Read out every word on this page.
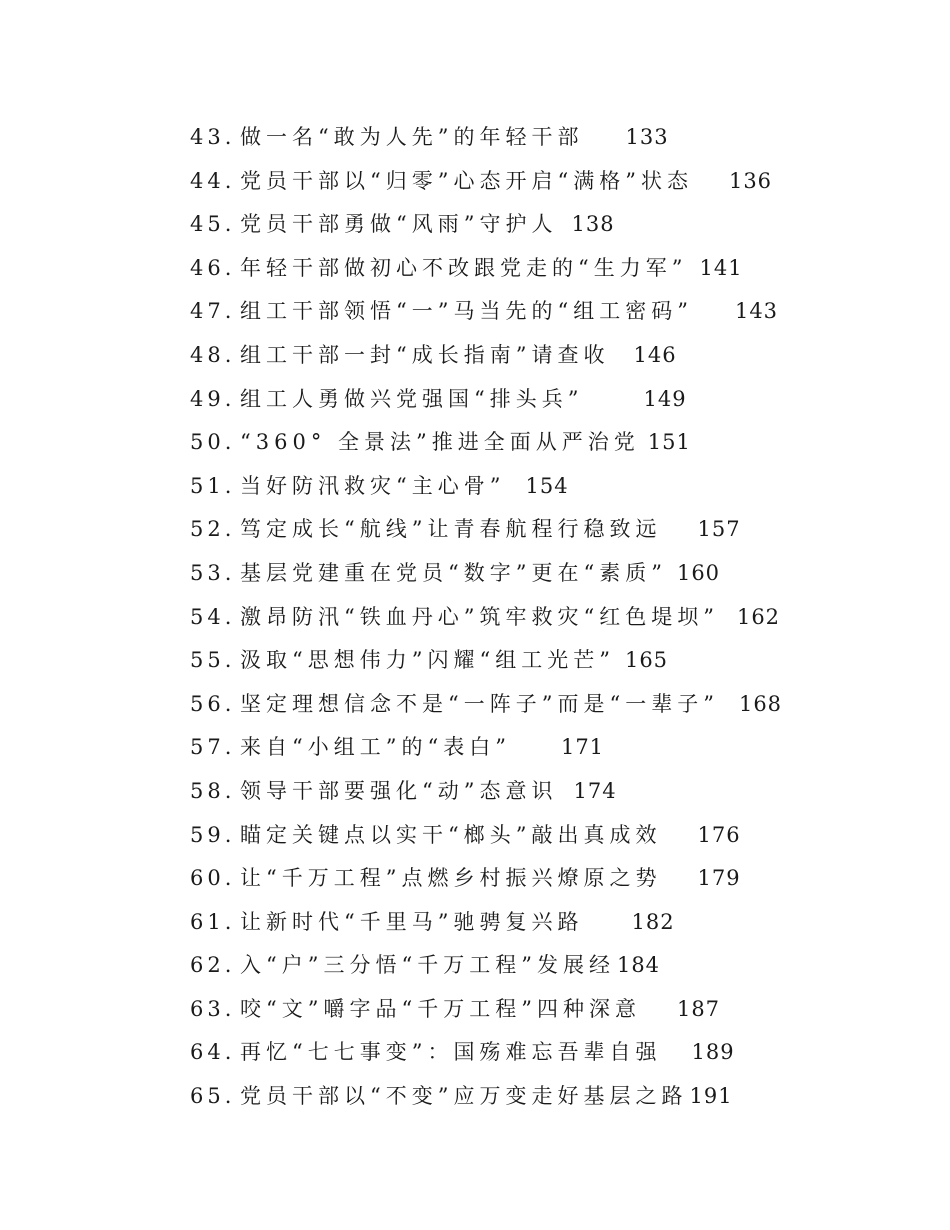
43. 做一名“敢为人先”的年轻干部 133
44. 党员干部以“归零”心态开启“满格”状态 136
45. 党员干部勇做“风雨”守护人 138
46. 年轻干部做初心不改跟党走的“生力军” 141
47. 组工干部领悟“一”马当先的“组工密码” 143
48. 组工干部一封“成长指南”请查收 146
49. 组工人勇做兴党强国“排头兵”	149
50. “360° 全景法”推进全面从严治党 151
51. 当好防汛救灾“主心骨” 154
52. 笃定成长“航线”让青春航程行稳致远 157
53. 基层党建重在党员“数字”更在“素质” 160
54. 激昂防汛“铁血丹心”筑牢救灾“红色堤坝” 162
55. 汲取“思想伟力”闪耀“组工光芒” 165
56. 坚定理想信念不是“一阵子”而是“一辈子” 168
57. 来自“小组工”的“表白” 171
58. 领导干部要强化“动”态意识 174
59. 瞄定关键点以实干“榔头”敲出真成效 176
60. 让“千万工程”点燃乡村振兴燎原之势 179
61. 让新时代“千里马”驰骋复兴路 182
62. 入“户”三分悟“千万工程”发展经184
63. 咬“文”嚼字品“千万工程”四种深意 187
64. 再忆“七七事变”：国殇难忘吾辈自强 189
65. 党员干部以“不变”应万变走好基层之路191
